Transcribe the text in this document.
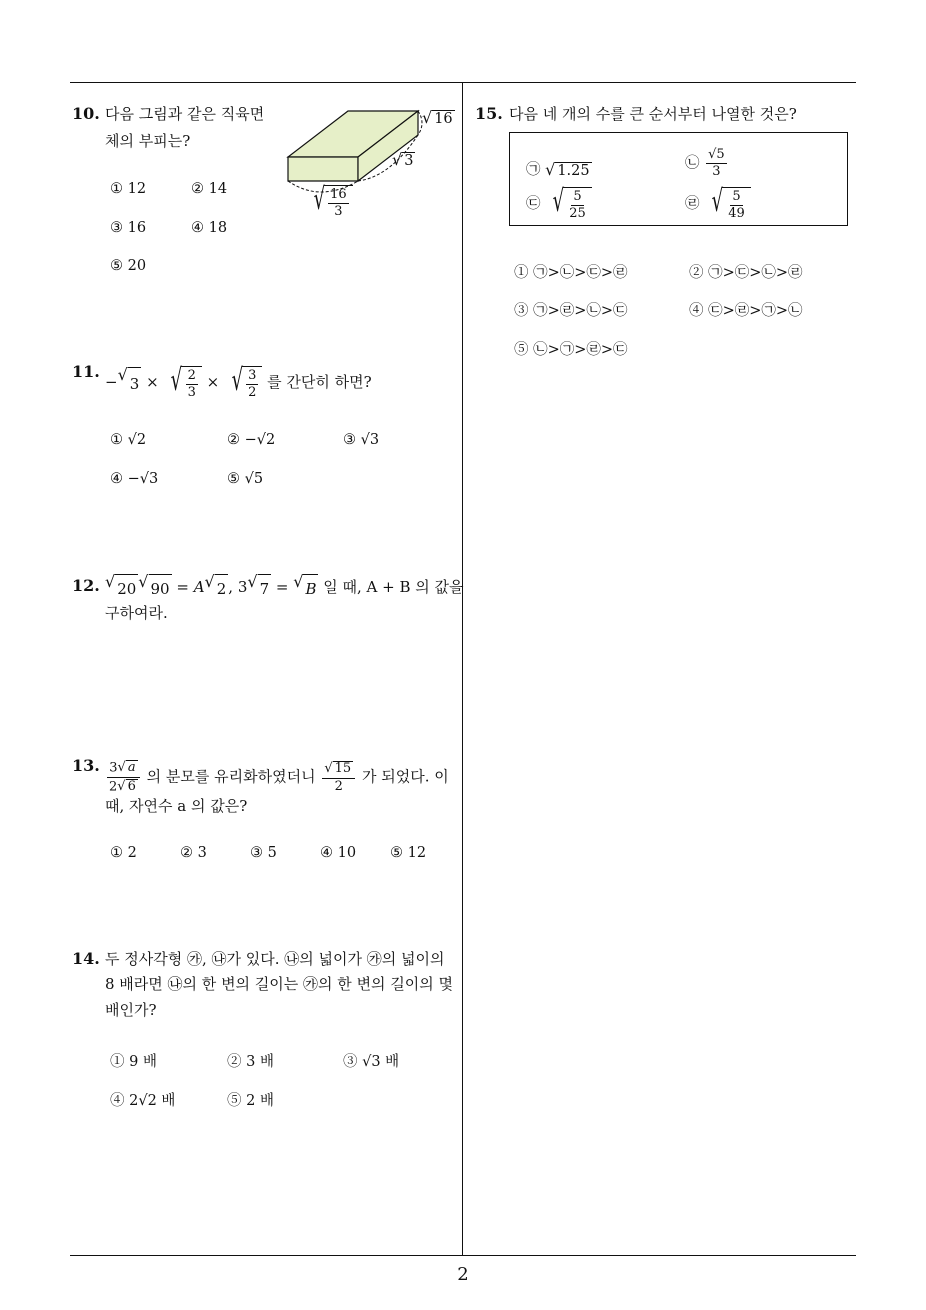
2
10. 다음 그림과 같은 직육면
체의 부피는?
√ 16
√ 3
√ $\frac{16}{3}$
① 12	② 14
③ 16	④ 18
⑤ 20
11.
− √ 3 × √ 2
3
× √ 3
2
를 간단히 하면?
① √2	② −√2	③ √3
④ −√3	⑤ √5
12. √ 20 √ 90 = A √ 2 , 3 √ 7 = √ B 일 때, A + B 의 값을
구하여라.
13. $\frac{3 √ a}{2 √ 6}$ 의 분모를 유리화하였더니 $\frac{√ 15}{2}$ 가 되었다. 이
때, 자연수 a 의 값은?
① 2	② 3	③ 5	④ 10 ⑤ 12
14. 두 정사각형 ㉮, ㉯가 있다. ㉯의 넓이가 ㉮의 넓이의
8 배라면 ㉯의 한 변의 길이는 ㉮의 한 변의 길이의 몇
배인가?
① 9 배	② 3 배	③ √3 배
④ 2√2 배	⑤ 2 배
15. 다음 네 개의 수를 큰 순서부터 나열한 것은?
㉠ √ 1.25	㉡ $\frac{√5}{3}$
㉢ √ $\frac{5}{25}$	㉣ √ $\frac{5}{49}$
① ㉠>㉡>㉢>㉣	② ㉠>㉢>㉡>㉣
③ ㉠>㉣>㉡>㉢	④ ㉢>㉣>㉠>㉡
⑤ ㉡>㉠>㉣>㉢
